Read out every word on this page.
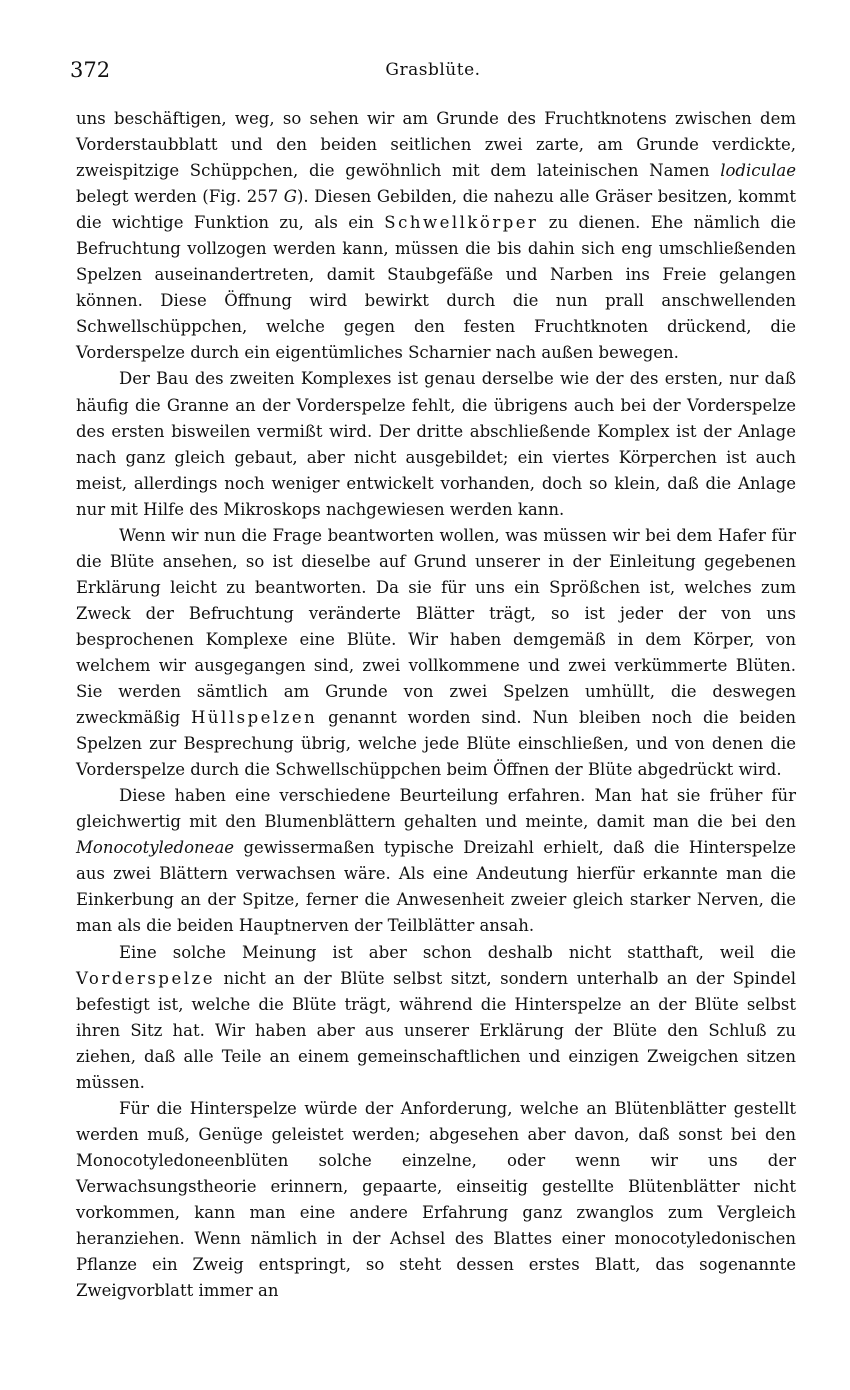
372	Grasblüte.

uns beschäftigen, weg, so sehen wir am Grunde des Fruchtknotens zwischen dem Vorderstaubblatt und den beiden seitlichen zwei zarte, am Grunde verdickte, zweispitzige Schüppchen, die gewöhnlich mit dem lateinischen Namen lodiculae belegt werden (Fig. 257 G). Diesen Gebilden, die nahezu alle Gräser besitzen, kommt die wichtige Funktion zu, als ein Schwellkörper zu dienen. Ehe nämlich die Befruchtung vollzogen werden kann, müssen die bis dahin sich eng umschließenden Spelzen auseinandertreten, damit Staubgefäße und Narben ins Freie gelangen können. Diese Öffnung wird bewirkt durch die nun prall anschwellenden Schwellschüppchen, welche gegen den festen Fruchtknoten drückend, die Vorderspelze durch ein eigentümliches Scharnier nach außen bewegen.

Der Bau des zweiten Komplexes ist genau derselbe wie der des ersten, nur daß häufig die Granne an der Vorderspelze fehlt, die übrigens auch bei der Vorderspelze des ersten bisweilen vermißt wird. Der dritte abschließende Komplex ist der Anlage nach ganz gleich gebaut, aber nicht ausgebildet; ein viertes Körperchen ist auch meist, allerdings noch weniger entwickelt vorhanden, doch so klein, daß die Anlage nur mit Hilfe des Mikroskops nachgewiesen werden kann.

Wenn wir nun die Frage beantworten wollen, was müssen wir bei dem Hafer für die Blüte ansehen, so ist dieselbe auf Grund unserer in der Einleitung gegebenen Erklärung leicht zu beantworten. Da sie für uns ein Sprößchen ist, welches zum Zweck der Befruchtung veränderte Blätter trägt, so ist jeder der von uns besprochenen Komplexe eine Blüte. Wir haben demgemäß in dem Körper, von welchem wir ausgegangen sind, zwei vollkommene und zwei verkümmerte Blüten. Sie werden sämtlich am Grunde von zwei Spelzen umhüllt, die deswegen zweckmäßig Hüllspelzen genannt worden sind. Nun bleiben noch die beiden Spelzen zur Besprechung übrig, welche jede Blüte einschließen, und von denen die Vorderspelze durch die Schwellschüppchen beim Öffnen der Blüte abgedrückt wird.

Diese haben eine verschiedene Beurteilung erfahren. Man hat sie früher für gleichwertig mit den Blumenblättern gehalten und meinte, damit man die bei den Monocotyledoneae gewissermaßen typische Dreizahl erhielt, daß die Hinterspelze aus zwei Blättern verwachsen wäre. Als eine Andeutung hierfür erkannte man die Einkerbung an der Spitze, ferner die Anwesenheit zweier gleich starker Nerven, die man als die beiden Hauptnerven der Teilblätter ansah.

Eine solche Meinung ist aber schon deshalb nicht statthaft, weil die Vorderspelze nicht an der Blüte selbst sitzt, sondern unterhalb an der Spindel befestigt ist, welche die Blüte trägt, während die Hinterspelze an der Blüte selbst ihren Sitz hat. Wir haben aber aus unserer Erklärung der Blüte den Schluß zu ziehen, daß alle Teile an einem gemeinschaftlichen und einzigen Zweigchen sitzen müssen.

Für die Hinterspelze würde der Anforderung, welche an Blütenblätter gestellt werden muß, Genüge geleistet werden; abgesehen aber davon, daß sonst bei den Monocotyledoneenblüten solche einzelne, oder wenn wir uns der Verwachsungstheorie erinnern, gepaarte, einseitig gestellte Blütenblätter nicht vorkommen, kann man eine andere Erfahrung ganz zwanglos zum Vergleich heranziehen. Wenn nämlich in der Achsel des Blattes einer monocotyledonischen Pflanze ein Zweig entspringt, so steht dessen erstes Blatt, das sogenannte Zweigvorblatt immer an
